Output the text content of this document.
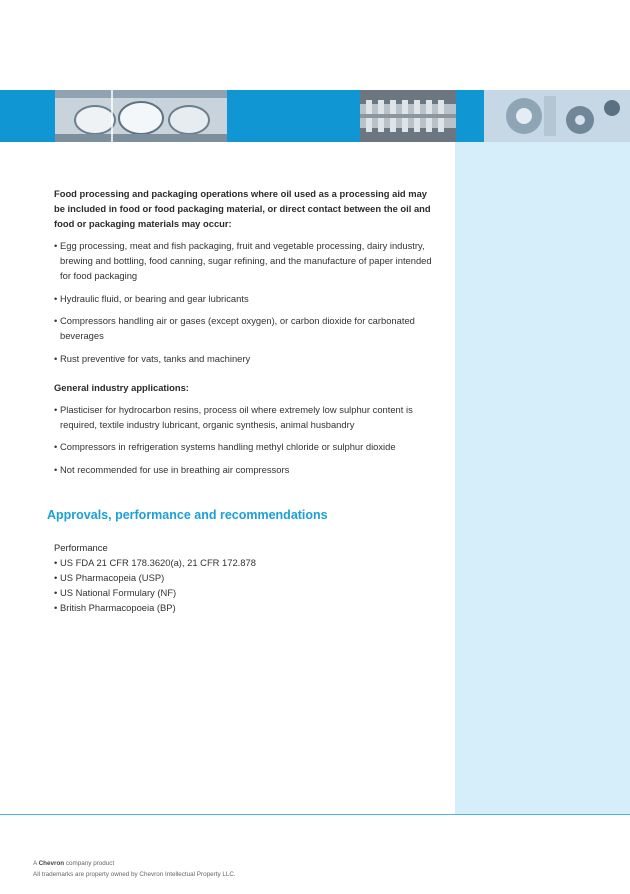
Food processing and packaging operations where oil used as a processing aid may be included in food or food packaging material, or direct contact between the oil and food or packaging materials may occur:

• Egg processing, meat and fish packaging, fruit and vegetable processing, dairy industry, brewing and bottling, food canning, sugar refining, and the manufacture of paper intended for food packaging
• Hydraulic fluid, or bearing and gear lubricants
• Compressors handling air or gases (except oxygen), or carbon dioxide for carbonated beverages
• Rust preventive for vats, tanks and machinery

General industry applications:

• Plasticiser for hydrocarbon resins, process oil where extremely low sulphur content is required, textile industry lubricant, organic synthesis, animal husbandry
• Compressors in refrigeration systems handling methyl chloride or sulphur dioxide
• Not recommended for use in breathing air compressors
Approvals, performance and recommendations

Performance

• US FDA 21 CFR 178.3620(a), 21 CFR 172.878
• US Pharmacopeia (USP)
• US National Formulary (NF)
• British Pharmacopoeia (BP)
A Chevron company product
All trademarks are property owned by Chevron Intellectual Property LLC.
